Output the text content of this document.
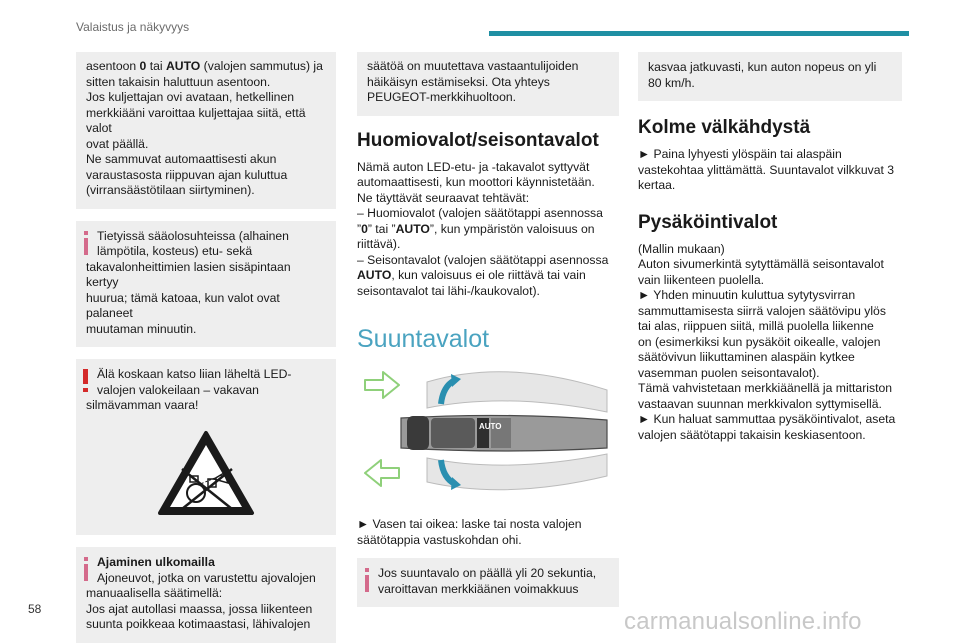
Valaistus ja näkyvyys

asentoon 0 tai AUTO (valojen sammutus) ja

sitten takaisin haluttuun asentoon.

Jos kuljettajan ovi avataan, hetkellinen

merkkiääni varoittaa kuljettajaa siitä, että valot

ovat päällä.

Ne sammuvat automaattisesti akun

varaustasosta riippuvan ajan kuluttua

(virransäästötilaan siirtyminen).

Tietyissä sääolosuhteissa (alhainen

lämpötila, kosteus) etu- sekä

takavalonheittimien lasien sisäpintaan kertyy

huurua; tämä katoaa, kun valot ovat palaneet

muutaman minuutin.

Älä koskaan katso liian läheltä LED-

valojen valokeilaan – vakavan

silmävamman vaara!

Ajaminen ulkomailla

Ajoneuvot, jotka on varustettu ajovalojen

manuaalisella säätimellä:

Jos ajat autollasi maassa, jossa liikenteen

suunta poikkeaa kotimaastasi, lähivalojen

säätöä on muutettava vastaantulijoiden

häikäisyn estämiseksi. Ota yhteys

PEUGEOT-merkkihuoltoon.

Huomiovalot/seisontavalot

Nämä auton LED-etu- ja -takavalot syttyvät

automaattisesti, kun moottori käynnistetään.

Ne täyttävät seuraavat tehtävät:

– Huomiovalot (valojen säätötappi asennossa

”0” tai ”AUTO”, kun ympäristön valoisuus on

riittävä).

– Seisontavalot (valojen säätötappi asennossa

AUTO, kun valoisuus ei ole riittävä tai vain

seisontavalot tai lähi-/kaukovalot).

Suuntavalot
AUTO

► Vasen tai oikea: laske tai nosta valojen

säätötappia vastuskohdan ohi.

Jos suuntavalo on päällä yli 20 sekuntia,

varoittavan merkkiäänen voimakkuus

kasvaa jatkuvasti, kun auton nopeus on yli

80 km/h.

Kolme välkähdystä

► Paina lyhyesti ylöspäin tai alaspäin

vastekohtaa ylittämättä. Suuntavalot vilkkuvat 3

kertaa.

Pysäköintivalot

(Mallin mukaan)

Auton sivumerkintä sytyttämällä seisontavalot

vain liikenteen puolella.

► Yhden minuutin kuluttua sytytysvirran

sammuttamisesta siirrä valojen säätövipu ylös

tai alas, riippuen siitä, millä puolella liikenne

on (esimerkiksi kun pysäköit oikealle, valojen

säätövivun liikuttaminen alaspäin kytkee

vasemman puolen seisontavalot).

Tämä vahvistetaan merkkiäänellä ja mittariston

vastaavan suunnan merkkivalon syttymisellä.

► Kun haluat sammuttaa pysäköintivalot, aseta

valojen säätötappi takaisin keskiasentoon.

58	carmanualsonline.info
